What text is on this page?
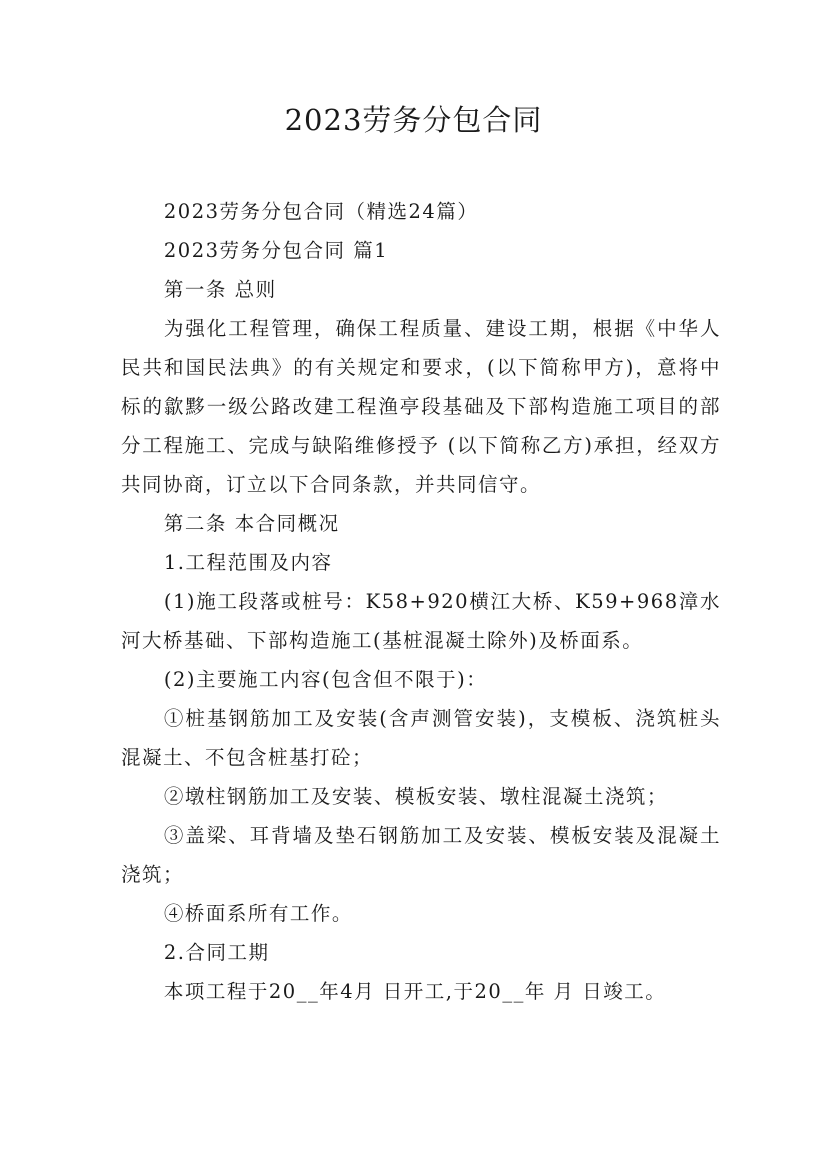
2023劳务分包合同

2023劳务分包合同（精选24篇）

2023劳务分包合同 篇1

第一条 总则

为强化工程管理，确保工程质量、建设工期，根据《中华人民共和国民法典》的有关规定和要求，(以下简称甲方)，意将中标的歙黟一级公路改建工程渔亭段基础及下部构造施工项目的部分工程施工、完成与缺陷维修授予 (以下简称乙方)承担，经双方共同协商，订立以下合同条款，并共同信守。

第二条 本合同概况

1.工程范围及内容

(1)施工段落或桩号：K58+920横江大桥、K59+968漳水河大桥基础、下部构造施工(基桩混凝土除外)及桥面系。

(2)主要施工内容(包含但不限于)：

①桩基钢筋加工及安装(含声测管安装)，支模板、浇筑桩头混凝土、不包含桩基打砼；

②墩柱钢筋加工及安装、模板安装、墩柱混凝土浇筑；

③盖梁、耳背墙及垫石钢筋加工及安装、模板安装及混凝土浇筑；

④桥面系所有工作。

2.合同工期

本项工程于20__年4月 日开工,于20__年 月 日竣工。
